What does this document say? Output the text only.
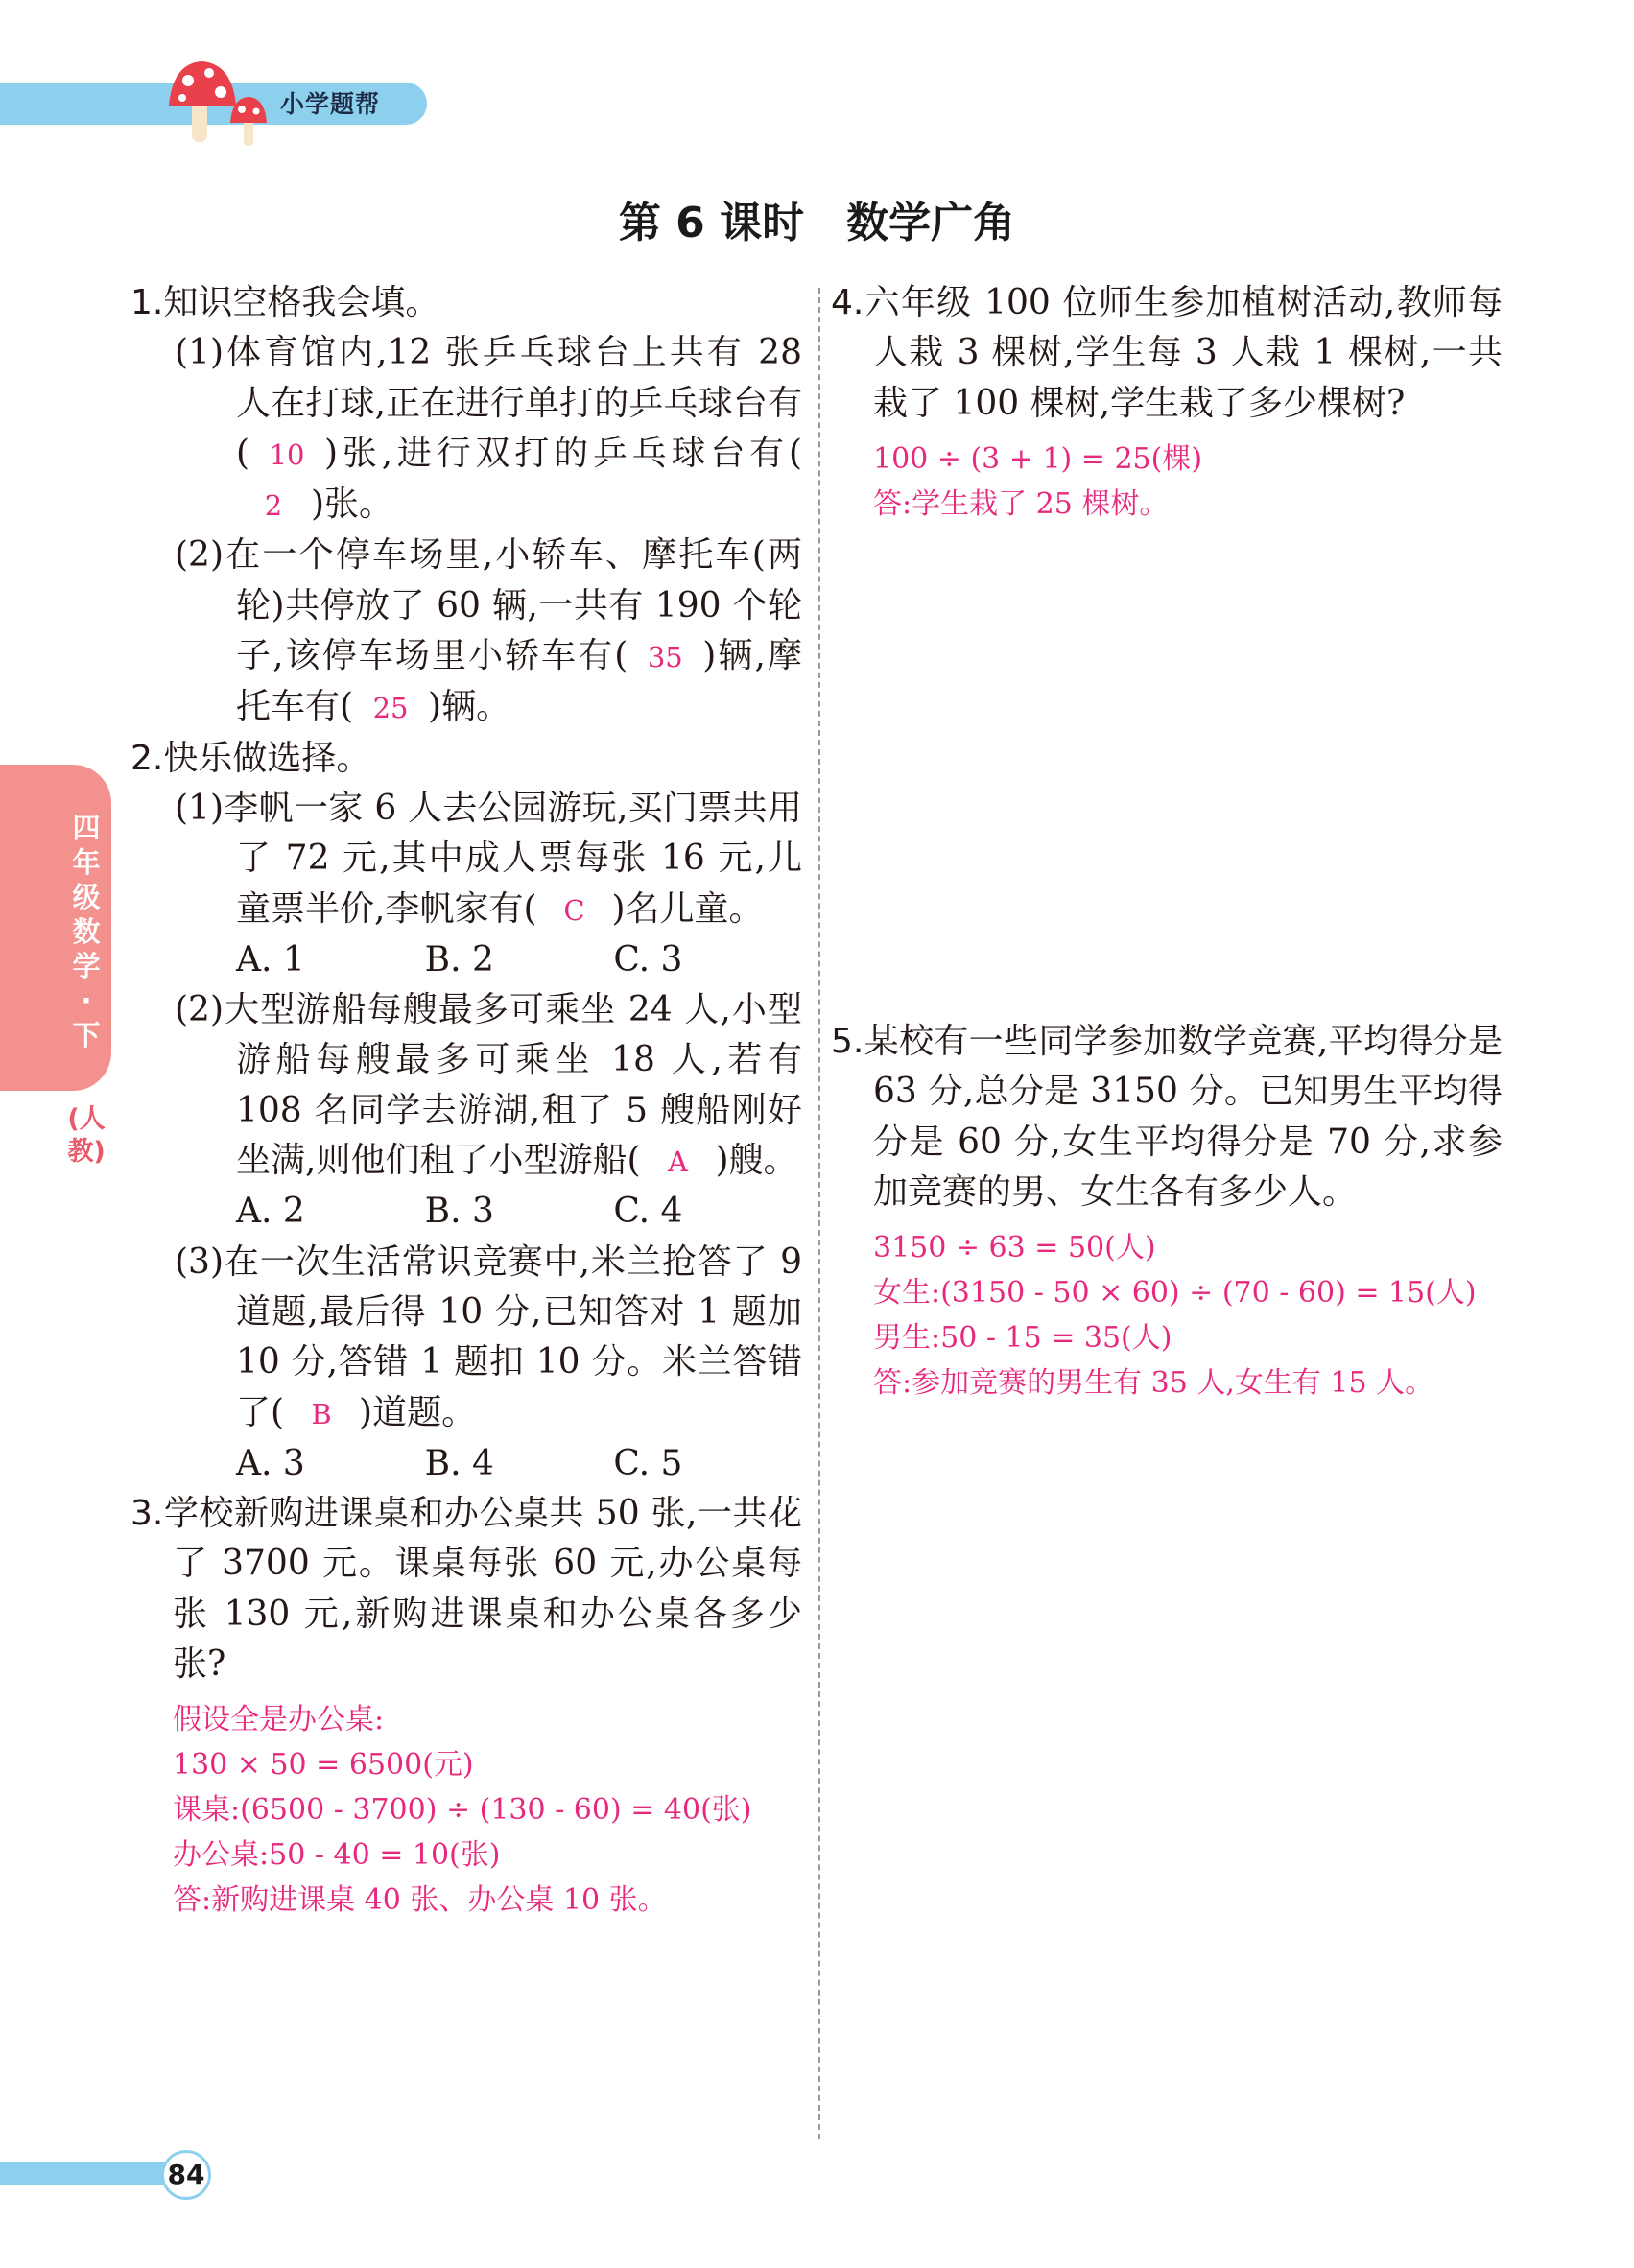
小学题帮
第 6 课时 数学广角
四年级数学·下
(人教)

1.知识空格我会填。

(1)体育馆内,12 张乒乓球台上共有 28 人在打球,正在进行单打的乒乓球台有( 10 )张,进行双打的乒乓球台有(2 )张。

(2)在一个停车场里,小轿车、摩托车(两轮)共停放了 60 辆,一共有 190 个轮子,该停车场里小轿车有( 35 )辆,摩托车有( 25 )辆。

2.快乐做选择。

(1)李帆一家 6 人去公园游玩,买门票共用了 72 元,其中成人票每张 16 元,儿童票半价,李帆家有( C )名儿童。

A. 1	B. 2	C. 3

(2)大型游船每艘最多可乘坐 24 人,小型游船每艘最多可乘坐 18 人,若有 108 名同学去游湖,租了 5 艘船刚好坐满,则他们租了小型游船( A )艘。

A. 2	B. 3	C. 4

(3)在一次生活常识竞赛中,米兰抢答了 9 道题,最后得 10 分,已知答对 1 题加 10 分,答错 1 题扣 10 分。米兰答错了( B )道题。

A. 3	B. 4	C. 5

3.学校新购进课桌和办公桌共 50 张,一共花了 3700 元。课桌每张 60 元,办公桌每张 130 元,新购进课桌和办公桌各多少张?

假设全是办公桌:

130 × 50 = 6500(元)

课桌:(6500 - 3700) ÷ (130 - 60) = 40(张)

办公桌:50 - 40 = 10(张)

答:新购进课桌 40 张、办公桌 10 张。

4.六年级 100 位师生参加植树活动,教师每人栽 3 棵树,学生每 3 人栽 1 棵树,一共栽了 100 棵树,学生栽了多少棵树?

100 ÷ (3 + 1) = 25(棵)

答:学生栽了 25 棵树。

5.某校有一些同学参加数学竞赛,平均得分是 63 分,总分是 3150 分。已知男生平均得分是 60 分,女生平均得分是 70 分,求参加竞赛的男、女生各有多少人。

3150 ÷ 63 = 50(人)

女生:(3150 - 50 × 60) ÷ (70 - 60) = 15(人)

男生:50 - 15 = 35(人)

答:参加竞赛的男生有 35 人,女生有 15 人。

84
